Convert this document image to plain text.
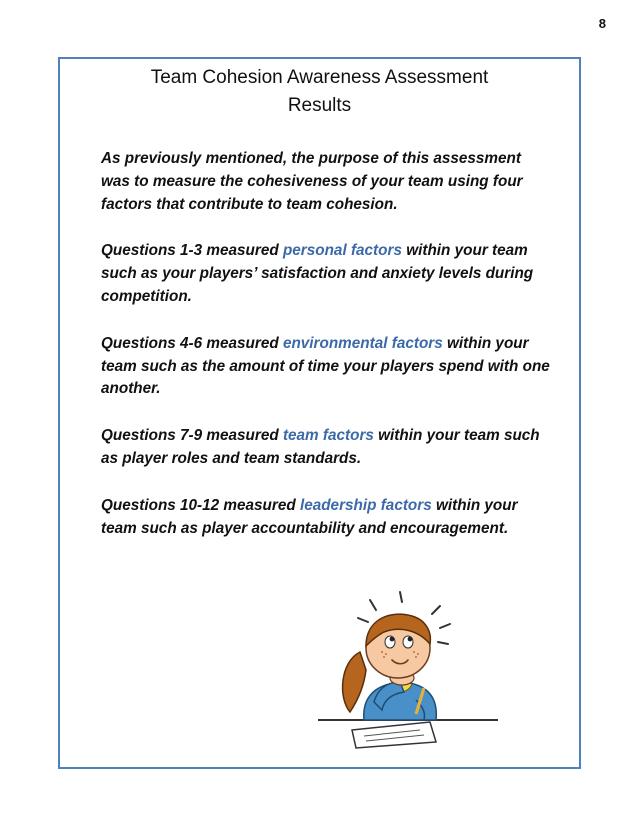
8
Team Cohesion Awareness Assessment
Results

As previously mentioned, the purpose of this assessment was to measure the cohesiveness of your team using four factors that contribute to team cohesion.

Questions 1-3 measured personal factors within your team such as your players’ satisfaction and anxiety levels during competition.

Questions 4-6 measured environmental factors within your team such as the amount of time your players spend with one another.

Questions 7-9 measured team factors within your team such as player roles and team standards.

Questions 10-12 measured leadership factors within your team such as player accountability and encouragement.
